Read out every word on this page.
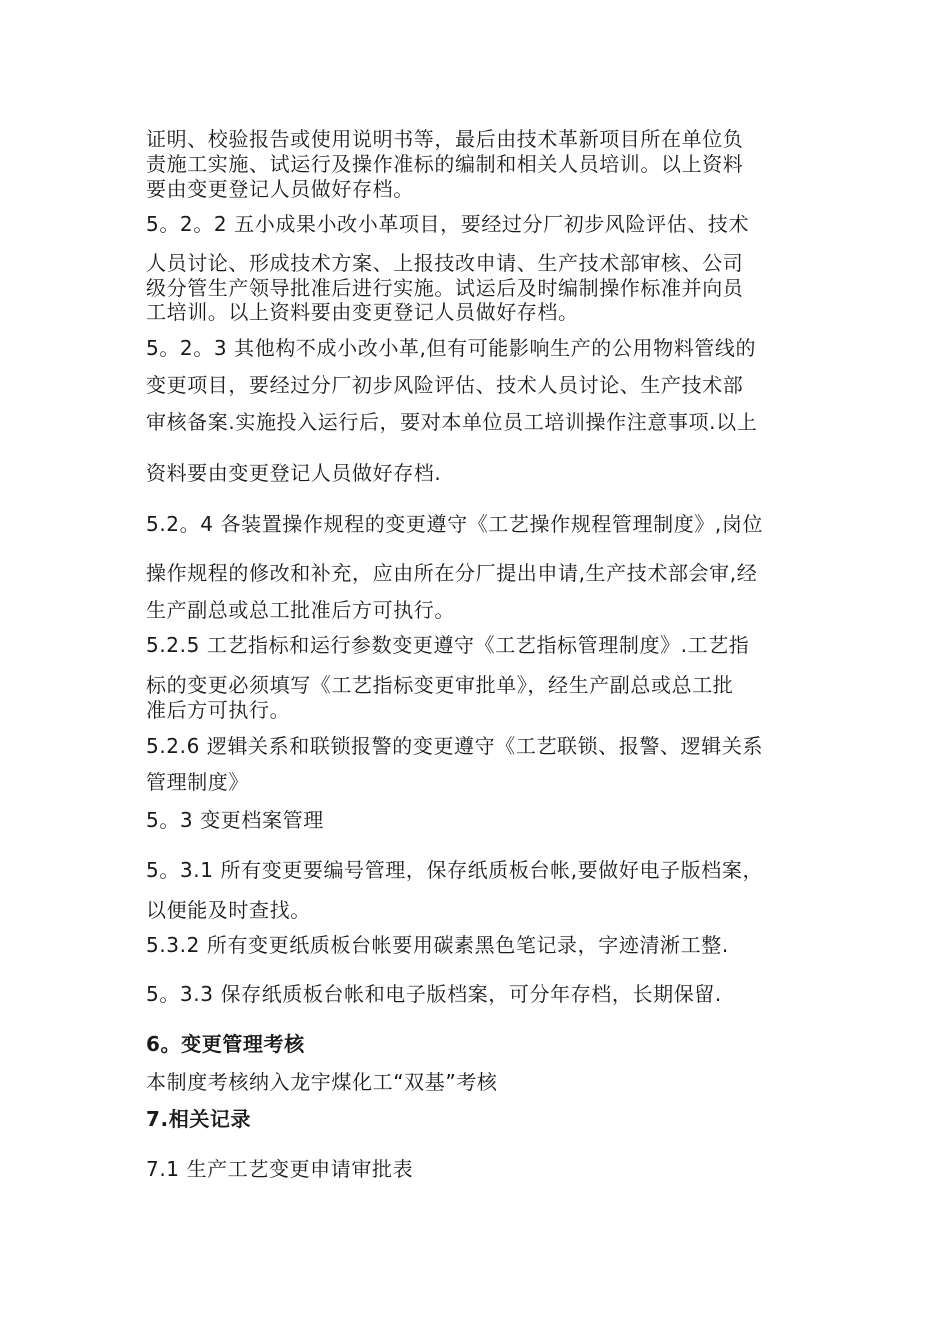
证明、校验报告或使用说明书等，最后由技术革新项目所在单位负
责施工实施、试运行及操作准标的编制和相关人员培训。以上资料
要由变更登记人员做好存档。
5。2。2 五小成果小改小革项目，要经过分厂初步风险评估、技术
人员讨论、形成技术方案、上报技改申请、生产技术部审核、公司
级分管生产领导批准后进行实施。试运后及时编制操作标准并向员
工培训。以上资料要由变更登记人员做好存档。
5。2。3 其他构不成小改小革,但有可能影响生产的公用物料管线的
变更项目，要经过分厂初步风险评估、技术人员讨论、生产技术部
审核备案.实施投入运行后，要对本单位员工培训操作注意事项.以上
资料要由变更登记人员做好存档.
5.2。4 各装置操作规程的变更遵守《工艺操作规程管理制度》,岗位
操作规程的修改和补充，应由所在分厂提出申请,生产技术部会审,经
生产副总或总工批准后方可执行。
5.2.5 工艺指标和运行参数变更遵守《工艺指标管理制度》.工艺指
标的变更必须填写《工艺指标变更审批单》，经生产副总或总工批
准后方可执行。
5.2.6 逻辑关系和联锁报警的变更遵守《工艺联锁、报警、逻辑关系
管理制度》
5。3 变更档案管理
5。3.1 所有变更要编号管理，保存纸质板台帐,要做好电子版档案，
以便能及时查找。
5.3.2 所有变更纸质板台帐要用碳素黑色笔记录，字迹清淅工整.
5。3.3 保存纸质板台帐和电子版档案，可分年存档，长期保留.
6。变更管理考核
本制度考核纳入龙宇煤化工“双基”考核
7.相关记录
7.1 生产工艺变更申请审批表
